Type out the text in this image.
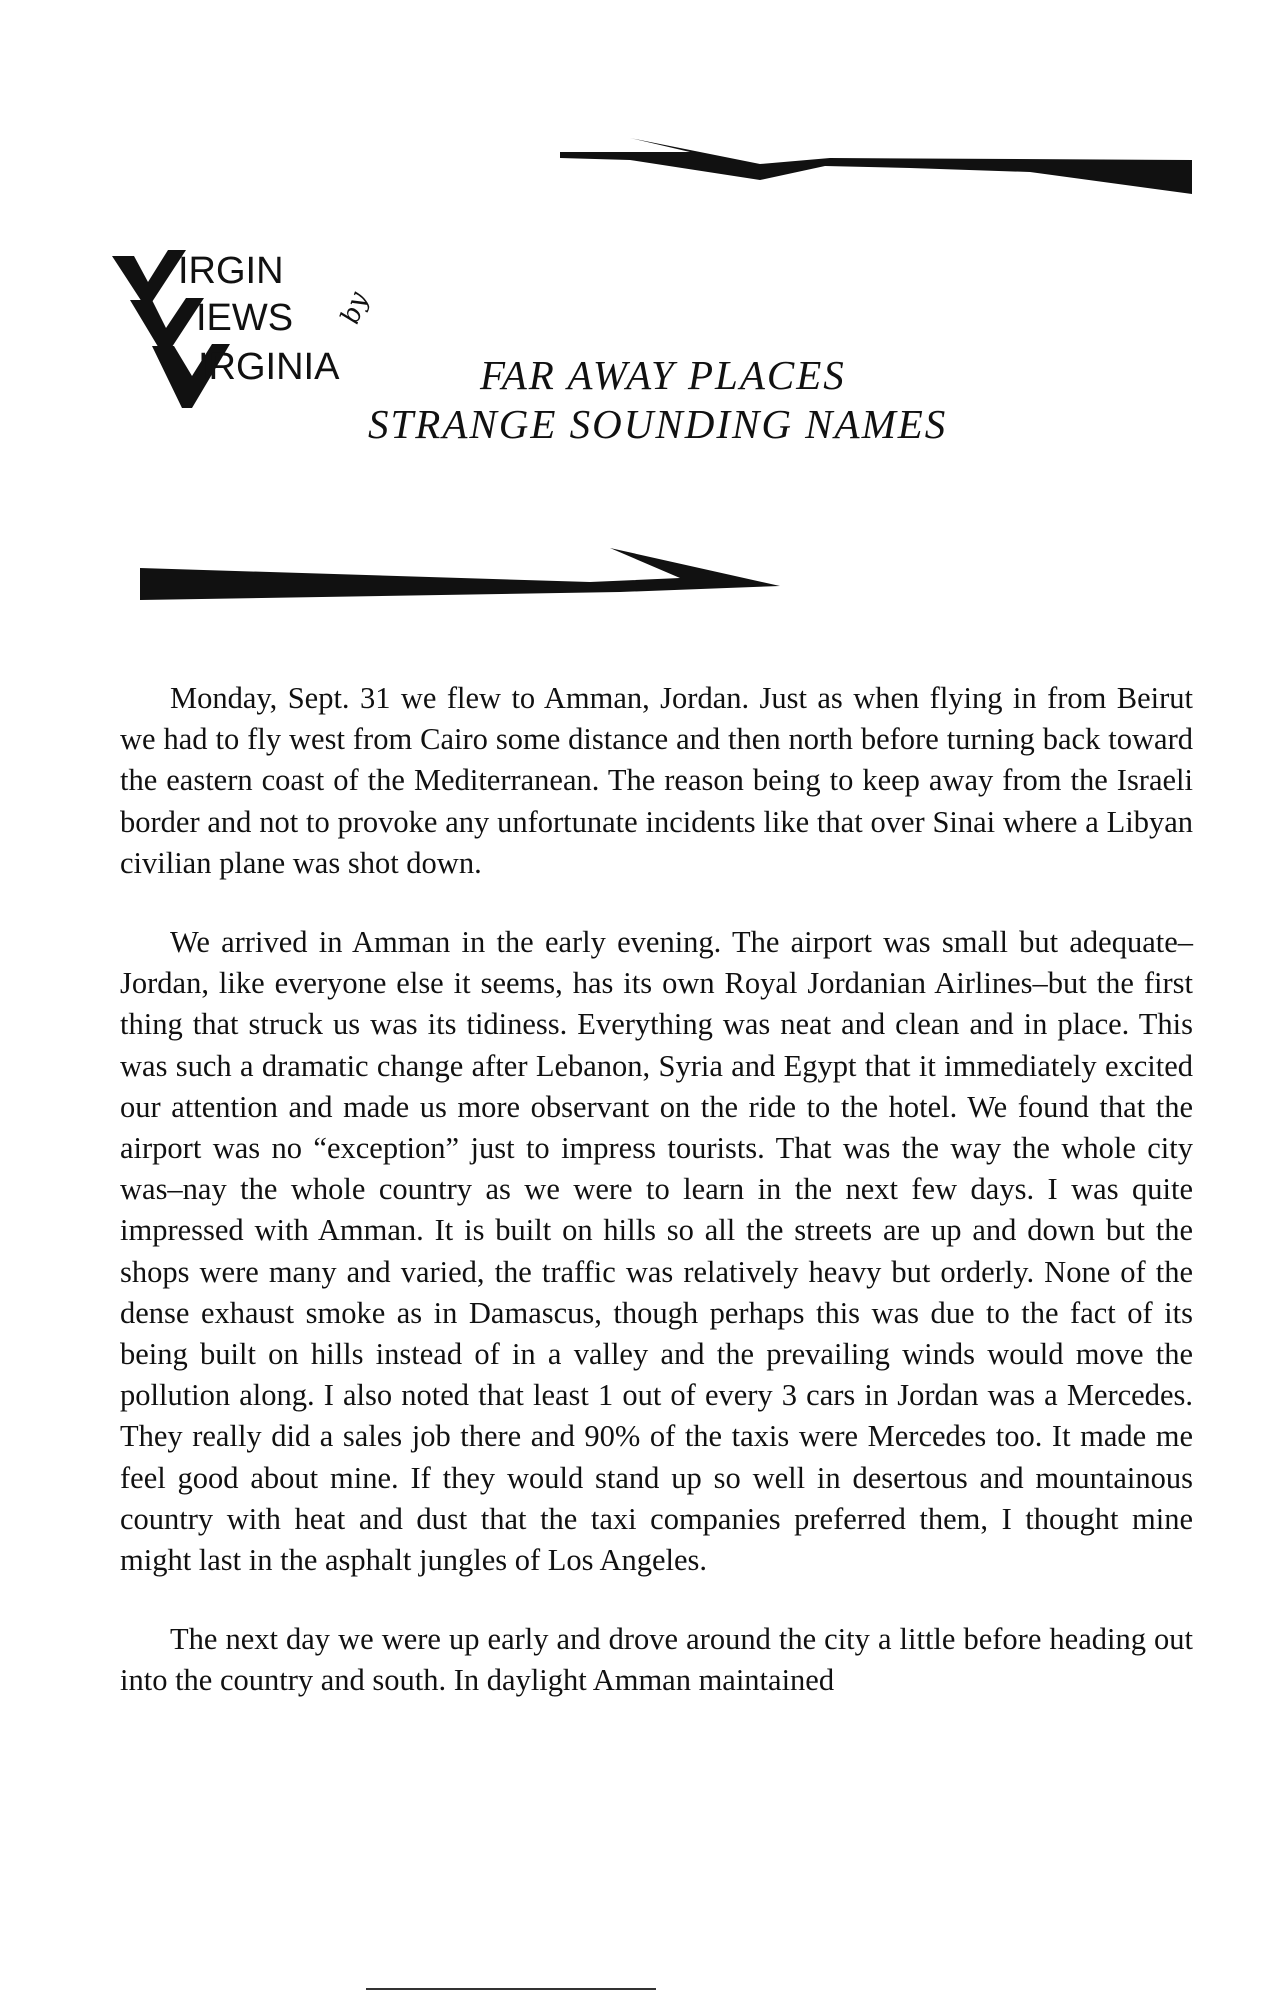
IRGIN
IEWS by
IRGINIA	FAR AWAY PLACES
STRANGE SOUNDING NAMES

Monday, Sept. 31 we flew to Amman, Jordan. Just as when flying in from Beirut we had to fly west from Cairo some distance and then north before turning back toward the eastern coast of the Mediterranean. The reason being to keep away from the Israeli border and not to provoke any unfortunate incidents like that over Sinai where a Libyan civilian plane was shot down.

We arrived in Amman in the early evening. The airport was small but adequate–Jordan, like everyone else it seems, has its own Royal Jordanian Airlines–but the first thing that struck us was its tidiness. Everything was neat and clean and in place. This was such a dramatic change after Lebanon, Syria and Egypt that it immediately excited our attention and made us more observant on the ride to the hotel. We found that the airport was no “exception” just to impress tourists. That was the way the whole city was–nay the whole country as we were to learn in the next few days. I was quite impressed with Amman. It is built on hills so all the streets are up and down but the shops were many and varied, the traffic was relatively heavy but orderly. None of the dense exhaust smoke as in Damascus, though perhaps this was due to the fact of its being built on hills instead of in a valley and the prevailing winds would move the pollution along. I also noted that least 1 out of every 3 cars in Jordan was a Mercedes. They really did a sales job there and 90% of the taxis were Mercedes too. It made me feel good about mine. If they would stand up so well in desertous and mountainous country with heat and dust that the taxi companies preferred them, I thought mine might last in the asphalt jungles of Los Angeles.

The next day we were up early and drove around the city a little before heading out into the country and south. In daylight Amman maintained
